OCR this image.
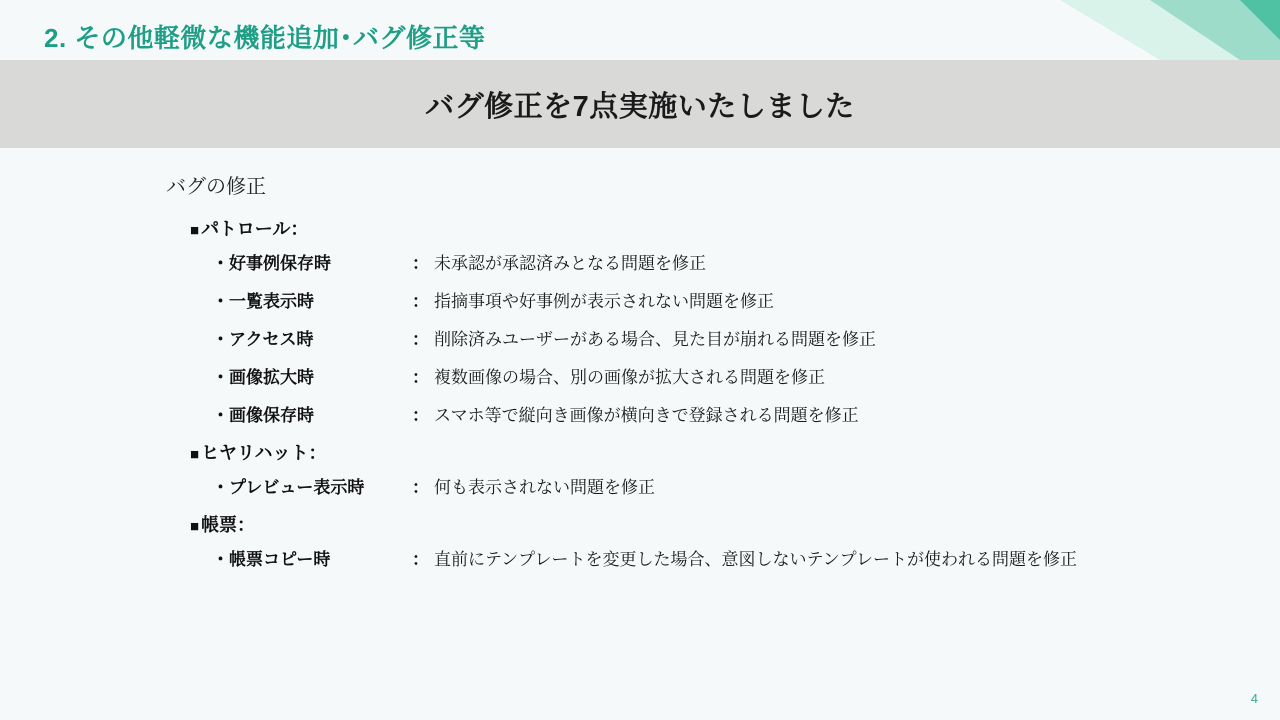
2. その他軽微な機能追加･バグ修正等
バグ修正を7点実施いたしました
バグの修正
■ パトロール：
・好事例保存時	： 未承認が承認済みとなる問題を修正
・一覧表示時	： 指摘事項や好事例が表示されない問題を修正
・アクセス時	： 削除済みユーザーがある場合、見た目が崩れる問題を修正
・画像拡大時	： 複数画像の場合、別の画像が拡大される問題を修正
・画像保存時	： スマホ等で縦向き画像が横向きで登録される問題を修正
■ ヒヤリハット：
・プレビュー表示時	： 何も表示されない問題を修正
■ 帳票：
・帳票コピー時	： 直前にテンプレートを変更した場合、意図しないテンプレートが使われる問題を修正
4
